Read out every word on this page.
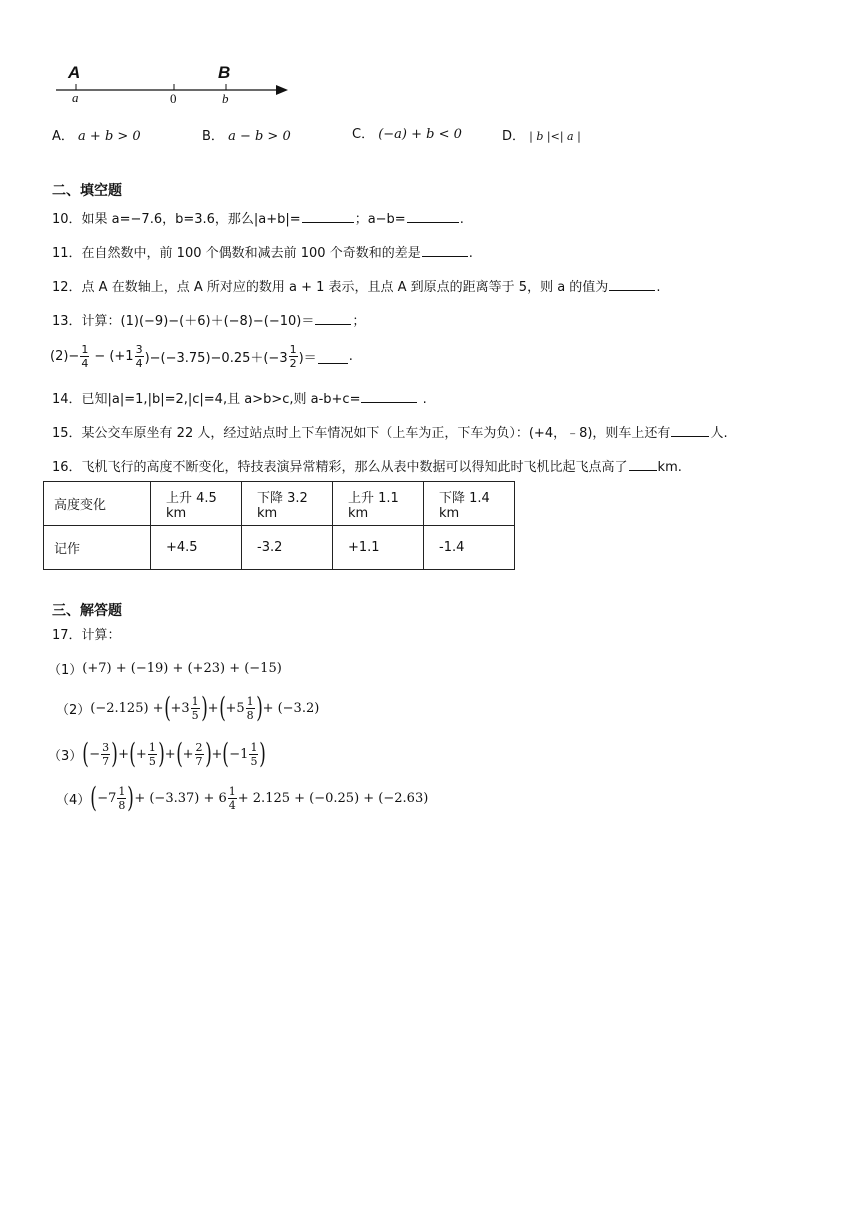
A	B
a	0	b
A． a + b > 0	B． a − b > 0	C． (−a) + b < 0	D． | b |<| a |
二、填空题
10．如果 a=−7.6，b=3.6，那么|a+b|=	；a−b=	.
11．在自然数中，前 100 个偶数和减去前 100 个奇数和的差是	.
12．点 A 在数轴上，点 A 所对应的数用 a + 1 表示，且点 A 到原点的距离等于 5，则 a 的值为	.
13．计算：(1)(−9)−(＋6)＋(−8)−(−10)＝	；
$(2)- \frac{1}{4} - (+1 \frac{3}{4} )-(-3.75)-0.25+(-3 \frac{1}{2}$ )＝ .
14．已知|a|=1,|b|=2,|c|=4,且 a>b>c,则 a-b+c=	.
15．某公交车原坐有 22 人，经过站点时上下车情况如下（上车为正，下车为负）：(+4，﹣8)，则车上还有	人.
16．飞机飞行的高度不断变化，特技表演异常精彩，那么从表中数据可以得知此时飞机比起飞点高了 km.
高度变化	上升 4.5 km	下降 3.2 km	上升 1.1 km	下降 1.4 km
记作	+4.5	-3.2	+1.1	-1.4
三、解答题
17．计算：
（1） (+7) + (−19) + (+23) + (−15)
（2） (−2.125) + ( $+3 \frac{1}{5}$ ) + ( $+5 \frac{1}{8}$ ) + (−3.2)
（3） ( − $\frac{3}{7}$ ) + ( + $\frac{1}{5}$ ) + ( + $\frac{2}{7}$ ) + ( $-1 \frac{1}{5}$ )
（4） ( $-7 \frac{1}{8}$ ) + $(-3.37) + 6 \frac{1}{4} + 2.125 + (-0.25) + (-2.63)$
